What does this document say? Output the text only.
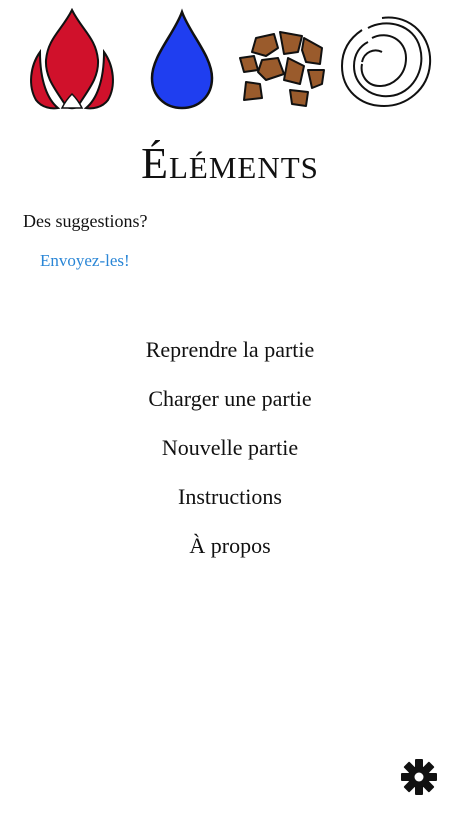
Éléments
Des suggestions?
Envoyez-les!
Reprendre la partie
Charger une partie
Nouvelle partie
Instructions
À propos
